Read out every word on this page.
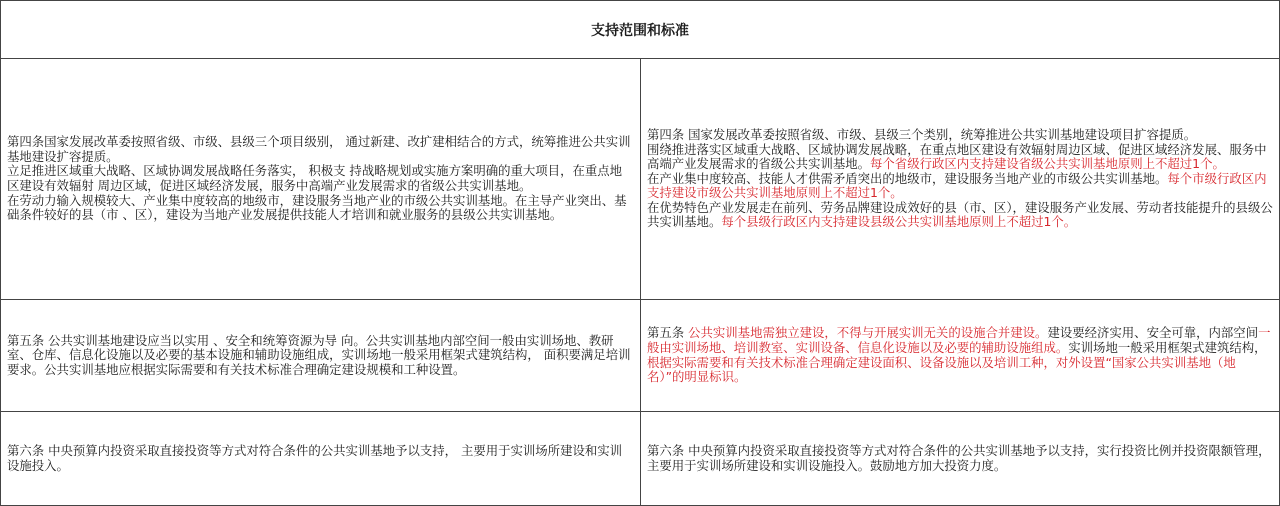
支持范围和标准
第四条国家发展改革委按照省级、市级、县级三个项目级别， 通过新建、改扩建相结合的方式，统筹推进公共实训基地建设扩容提质。
立足推进区域重大战略、区域协调发展战略任务落实， 积极支 持战略规划或实施方案明确的重大项目，在重点地区建设有效辐射 周边区域，促进区域经济发展，服务中高端产业发展需求的省级公共实训基地。
在劳动力输入规模较大、产业集中度较高的地级市，建设服务当地产业的市级公共实训基地。在主导产业突出、基础条件较好的县（市 、区），建设为当地产业发展提供技能人才培训和就业服务的县级公共实训基地。
第四条 国家发展改革委按照省级、市级、县级三个类别，统筹推进公共实训基地建设项目扩容提质。
围绕推进落实区域重大战略、区域协调发展战略，在重点地区建设有效辐射周边区域、促进区域经济发展、服务中高端产业发展需求的省级公共实训基地。每个省级行政区内支持建设省级公共实训基地原则上不超过1个。
在产业集中度较高、技能人才供需矛盾突出的地级市，建设服务当地产业的市级公共实训基地。每个市级行政区内支持建设市级公共实训基地原则上不超过1个。
在优势特色产业发展走在前列、劳务品牌建设成效好的县（市、区），建设服务产业发展、劳动者技能提升的县级公共实训基地。每个县级行政区内支持建设县级公共实训基地原则上不超过1个。
第五条 公共实训基地建设应当以实用 、安全和统筹资源为导 向。公共实训基地内部空间一般由实训场地、教研室、仓库、信息化设施以及必要的基本设施和辅助设施组成，实训场地一般采用框架式建筑结构， 面积要满足培训要求。公共实训基地应根据实际需要和有关技术标准合理确定建设规模和工种设置。
第五条 公共实训基地需独立建设，不得与开展实训无关的设施合并建设。建设要经济实用、安全可靠，内部空间一般由实训场地、培训教室、实训设备、信息化设施以及必要的辅助设施组成。实训场地一般采用框架式建筑结构，根据实际需要和有关技术标准合理确定建设面积、设备设施以及培训工种，对外设置“国家公共实训基地（地名）”的明显标识。
第六条 中央预算内投资采取直接投资等方式对符合条件的公共实训基地予以支持， 主要用于实训场所建设和实训设施投入。
第六条 中央预算内投资采取直接投资等方式对符合条件的公共实训基地予以支持，实行投资比例并投资限额管理，主要用于实训场所建设和实训设施投入。鼓励地方加大投资力度。
